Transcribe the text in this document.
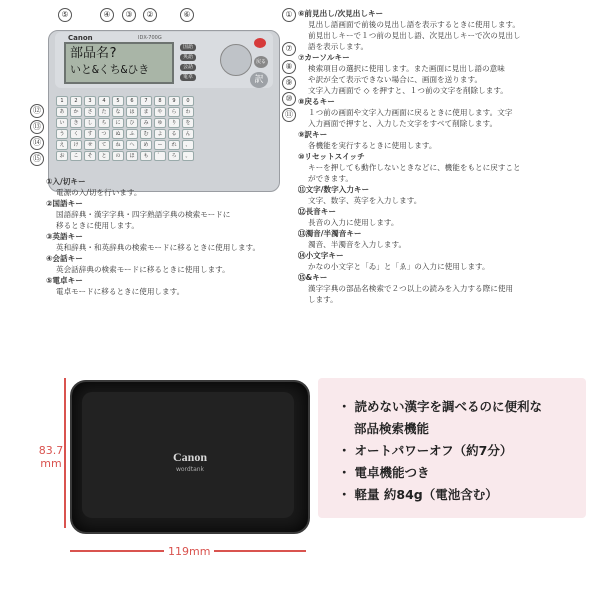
Canon	IDX-700G
部品名?
いと&くち&ひき
国語
英語
会話
電卓
戻る
訳
1	2	3	4	5	6	7	8	9	0
あ	か	さ	た	な	は	ま	や	ら	わ
い	き	し	ち	に	ひ	み	ゆ	り	を
う	く	す	つ	ぬ	ふ	む	よ	る	ん
え	け	せ	て	ね	へ	め	ー	れ	、
お	こ	そ	と	の	ほ	も	゛	ろ	。
⑤	④	③	②	⑥	①
⑦
⑧
⑨
⑩
⑪
⑫
⑬
⑭
⑮

①入/切キー

電源の入/切を行います。

②国語キー

国語辞典・漢字字典・四字熟語字典の検索モードに

移るときに使用します。

③英語キー

英和辞典・和英辞典の検索モードに移るときに使用します。

④会話キー

英会話辞典の検索モードに移るときに使用します。

⑤電卓キー

電卓モードに移るときに使用します。

⑥前見出し/次見出しキー

見出し語画面で前後の見出し語を表示するときに使用します。

前見出しキーで１つ前の見出し語、次見出しキーで次の見出し

語を表示します。

⑦カーソルキー

検索項目の選択に使用します。また画面に見出し語の意味

や訳が全て表示できない場合に、画面を送ります。

文字入力画面で ◇ を押すと、１つ前の文字を削除します。

⑧戻るキー

１つ前の画面や文字入力画面に戻るときに使用します。文字

入力画面で押すと、入力した文字をすべて削除します。

⑨訳キー

各機能を実行するときに使用します。

⑩リセットスイッチ

キーを押しても動作しないときなどに、機能をもとに戻すこと

ができます。

⑪文字/数字入力キー

文字、数字、英字を入力します。

⑫長音キー

長音の入力に使用します。

⑬濁音/半濁音キー

濁音、半濁音を入力します。

⑭小文字キー

かなの小文字と「ゐ」と「ゑ」の入力に使用します。

⑮&キー

漢字字典の部品名検索で２つ以上の読みを入力する際に使用

します。

Canon
wordtank
83.7
mm
119mm
・ 読めない漢字を調べるのに便利な
部品検索機能
・ オートパワーオフ（約7分）
・ 電卓機能つき
・ 軽量 約84g（電池含む）
